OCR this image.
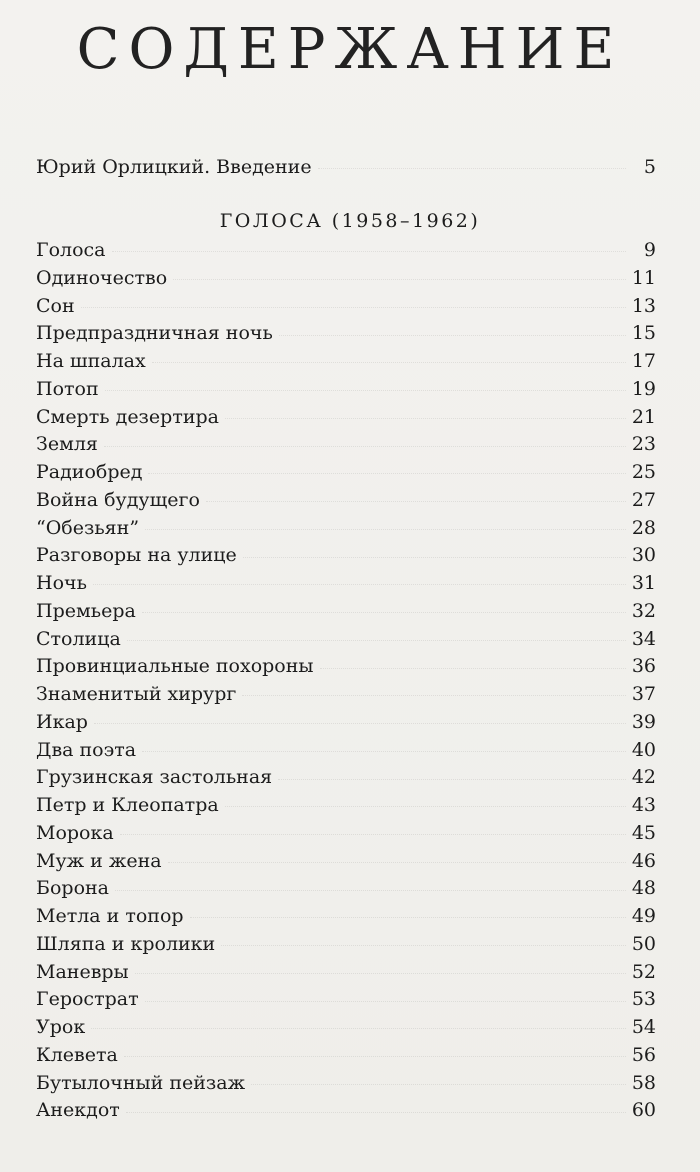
СОДЕРЖАНИЕ
Юрий Орлицкий. Введение	5
ГОЛОСА (1958–1962)
Голоса	9
Одиночество	11
Сон	13
Предпраздничная ночь	15
На шпалах	17
Потоп	19
Смерть дезертира	21
Земля	23
Радиобред	25
Война будущего	27
“Обезьян”	28
Разговоры на улице	30
Ночь	31
Премьера	32
Столица	34
Провинциальные похороны	36
Знаменитый хирург	37
Икар	39
Два поэта	40
Грузинская застольная	42
Петр и Клеопатра	43
Морока	45
Муж и жена	46
Борона	48
Метла и топор	49
Шляпа и кролики	50
Маневры	52
Герострат	53
Урок	54
Клевета	56
Бутылочный пейзаж	58
Анекдот	60
